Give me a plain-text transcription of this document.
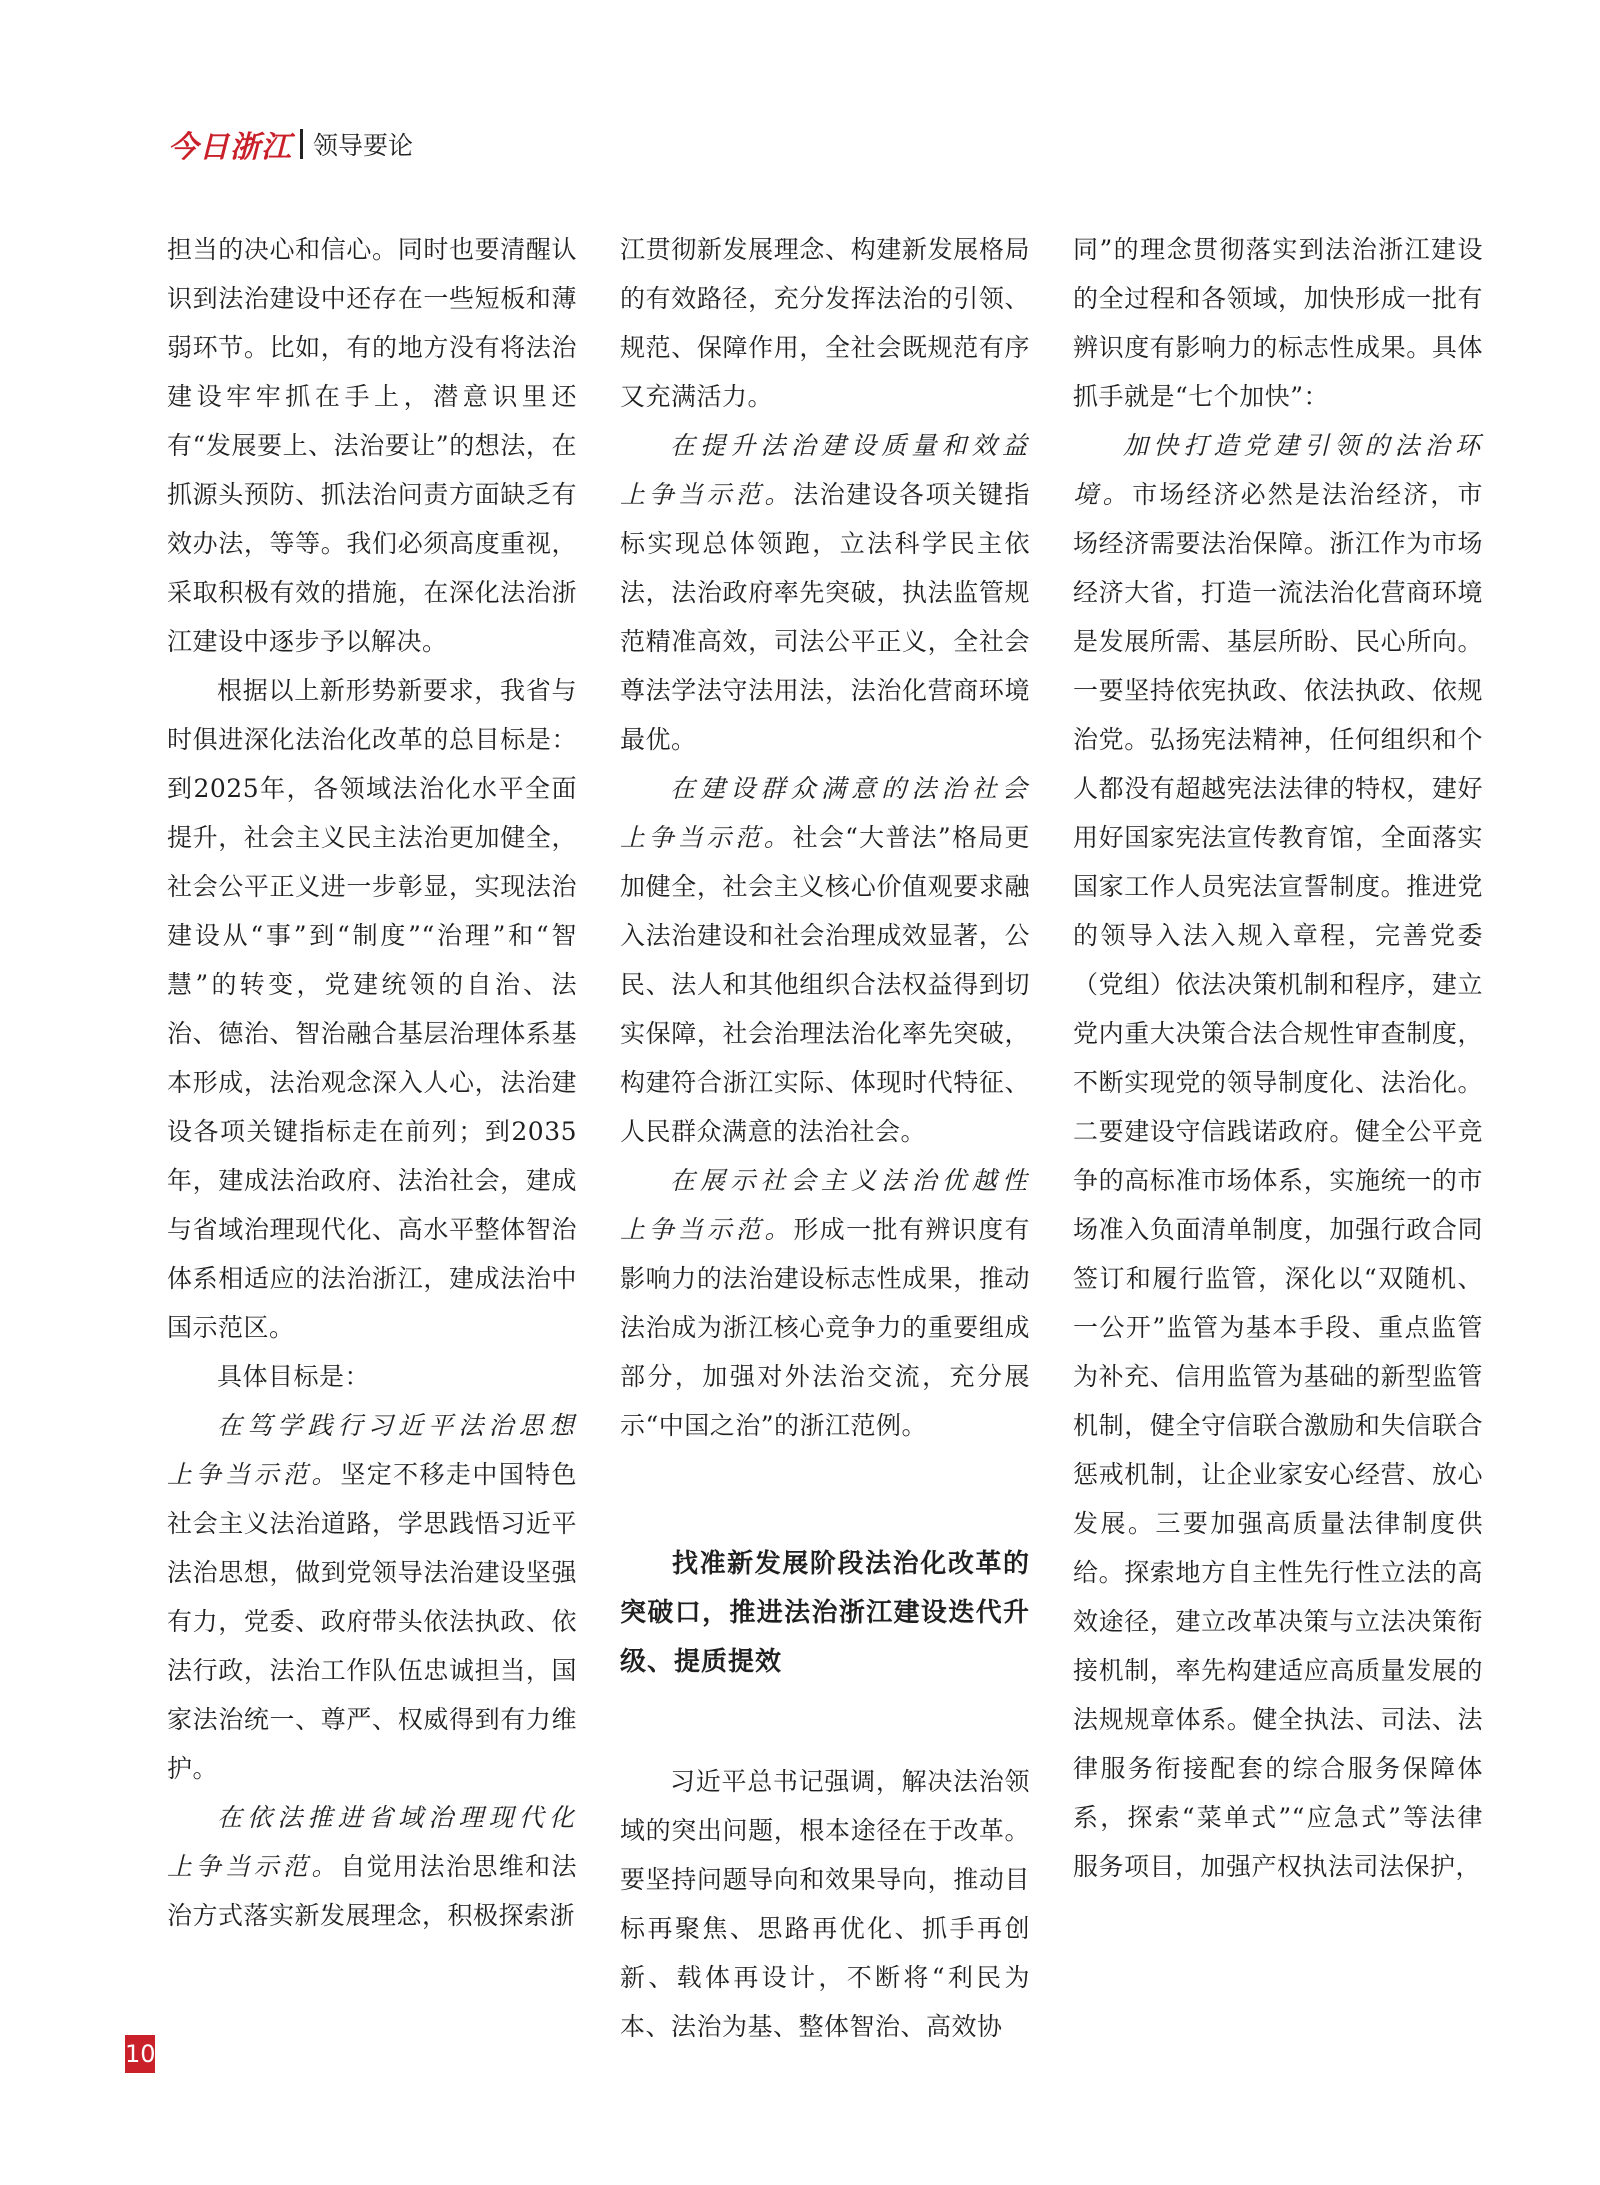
今日浙江 领导要论

担当的决心和信心。同时也要清醒认识到法治建设中还存在一些短板和薄弱环节。比如，有的地方没有将法治建设牢牢抓在手上，潜意识里还有“发展要上、法治要让”的想法，在抓源头预防、抓法治问责方面缺乏有效办法，等等。我们必须高度重视，采取积极有效的措施，在深化法治浙江建设中逐步予以解决。

根据以上新形势新要求，我省与时俱进深化法治化改革的总目标是：到2025年，各领域法治化水平全面提升，社会主义民主法治更加健全，社会公平正义进一步彰显，实现法治建设从“事”到“制度”“治理”和“智慧”的转变，党建统领的自治、法治、德治、智治融合基层治理体系基本形成，法治观念深入人心，法治建设各项关键指标走在前列；到2035年，建成法治政府、法治社会，建成与省域治理现代化、高水平整体智治体系相适应的法治浙江，建成法治中国示范区。

具体目标是：

在笃学践行习近平法治思想上争当示范。坚定不移走中国特色社会主义法治道路，学思践悟习近平法治思想，做到党领导法治建设坚强有力，党委、政府带头依法执政、依法行政，法治工作队伍忠诚担当，国家法治统一、尊严、权威得到有力维护。

在依法推进省域治理现代化上争当示范。自觉用法治思维和法治方式落实新发展理念，积极探索浙

江贯彻新发展理念、构建新发展格局的有效路径，充分发挥法治的引领、规范、保障作用，全社会既规范有序又充满活力。

在提升法治建设质量和效益上争当示范。法治建设各项关键指标实现总体领跑，立法科学民主依法，法治政府率先突破，执法监管规范精准高效，司法公平正义，全社会尊法学法守法用法，法治化营商环境最优。

在建设群众满意的法治社会上争当示范。社会“大普法”格局更加健全，社会主义核心价值观要求融入法治建设和社会治理成效显著，公民、法人和其他组织合法权益得到切实保障，社会治理法治化率先突破，构建符合浙江实际、体现时代特征、人民群众满意的法治社会。

在展示社会主义法治优越性上争当示范。形成一批有辨识度有影响力的法治建设标志性成果，推动法治成为浙江核心竞争力的重要组成部分，加强对外法治交流，充分展示“中国之治”的浙江范例。

找准新发展阶段法治化改革的突破口，推进法治浙江建设迭代升级、提质提效

习近平总书记强调，解决法治领域的突出问题，根本途径在于改革。要坚持问题导向和效果导向，推动目标再聚焦、思路再优化、抓手再创新、载体再设计，不断将“利民为本、法治为基、整体智治、高效协

同”的理念贯彻落实到法治浙江建设的全过程和各领域，加快形成一批有辨识度有影响力的标志性成果。具体抓手就是“七个加快”：

加快打造党建引领的法治环境。市场经济必然是法治经济，市场经济需要法治保障。浙江作为市场经济大省，打造一流法治化营商环境是发展所需、基层所盼、民心所向。一要坚持依宪执政、依法执政、依规治党。弘扬宪法精神，任何组织和个人都没有超越宪法法律的特权，建好用好国家宪法宣传教育馆，全面落实国家工作人员宪法宣誓制度。推进党的领导入法入规入章程，完善党委（党组）依法决策机制和程序，建立党内重大决策合法合规性审查制度，不断实现党的领导制度化、法治化。二要建设守信践诺政府。健全公平竞争的高标准市场体系，实施统一的市场准入负面清单制度，加强行政合同签订和履行监管，深化以“双随机、一公开”监管为基本手段、重点监管为补充、信用监管为基础的新型监管机制，健全守信联合激励和失信联合惩戒机制，让企业家安心经营、放心发展。三要加强高质量法律制度供给。探索地方自主性先行性立法的高效途径，建立改革决策与立法决策衔接机制，率先构建适应高质量发展的法规规章体系。健全执法、司法、法律服务衔接配套的综合服务保障体系，探索“菜单式”“应急式”等法律服务项目，加强产权执法司法保护，

10
